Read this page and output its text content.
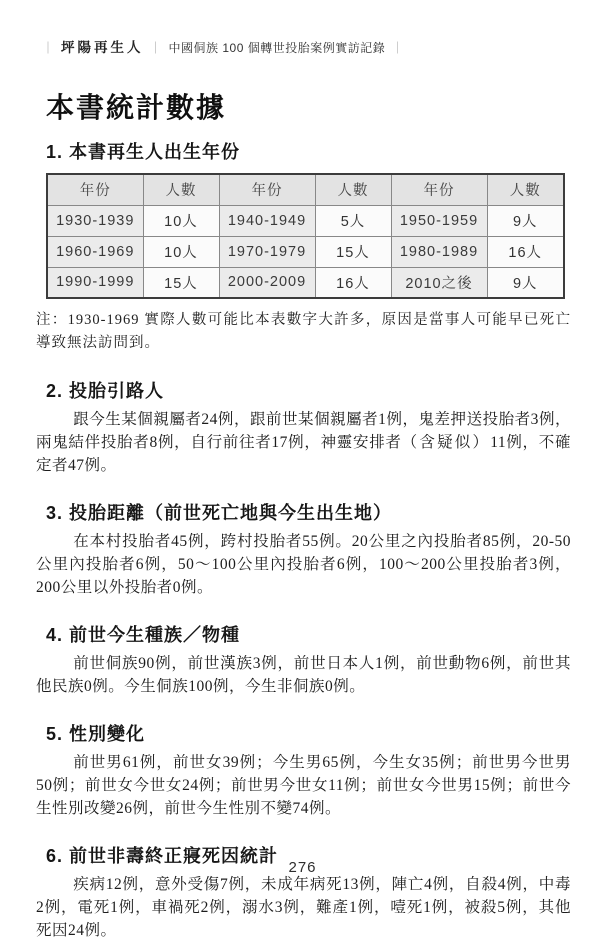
｜ 坪陽再生人 ｜ 中國侗族 100 個轉世投胎案例實訪記錄 ｜
本書統計數據
1. 本書再生人出生年份
年份	人數	年份	人數	年份	人數
1930-1939	10人	1940-1949	5人	1950-1959	9人
1960-1969	10人	1970-1979	15人	1980-1989	16人
1990-1999	15人	2000-2009	16人	2010之後	9人

注：1930-1969 實際人數可能比本表數字大許多，原因是當事人可能早已死亡導致無法訪問到。

2. 投胎引路人

跟今生某個親屬者24例，跟前世某個親屬者1例，鬼差押送投胎者3例，兩鬼結伴投胎者8例，自行前往者17例，神靈安排者（含疑似）11例，不確定者47例。

3. 投胎距離（前世死亡地與今生出生地）

在本村投胎者45例，跨村投胎者55例。20公里之內投胎者85例，20-50公里內投胎者6例，50～100公里內投胎者6例，100～200公里投胎者3例，200公里以外投胎者0例。

4. 前世今生種族／物種

前世侗族90例，前世漢族3例，前世日本人1例，前世動物6例，前世其他民族0例。今生侗族100例，今生非侗族0例。

5. 性別變化

前世男61例，前世女39例；今生男65例，今生女35例；前世男今世男50例；前世女今世女24例；前世男今世女11例；前世女今世男15例；前世今生性別改變26例，前世今生性別不變74例。

6. 前世非壽終正寢死因統計

疾病12例，意外受傷7例，未成年病死13例，陣亡4例，自殺4例，中毒2例，電死1例，車禍死2例，溺水3例，難產1例，噎死1例，被殺5例，其他死因24例。

276
